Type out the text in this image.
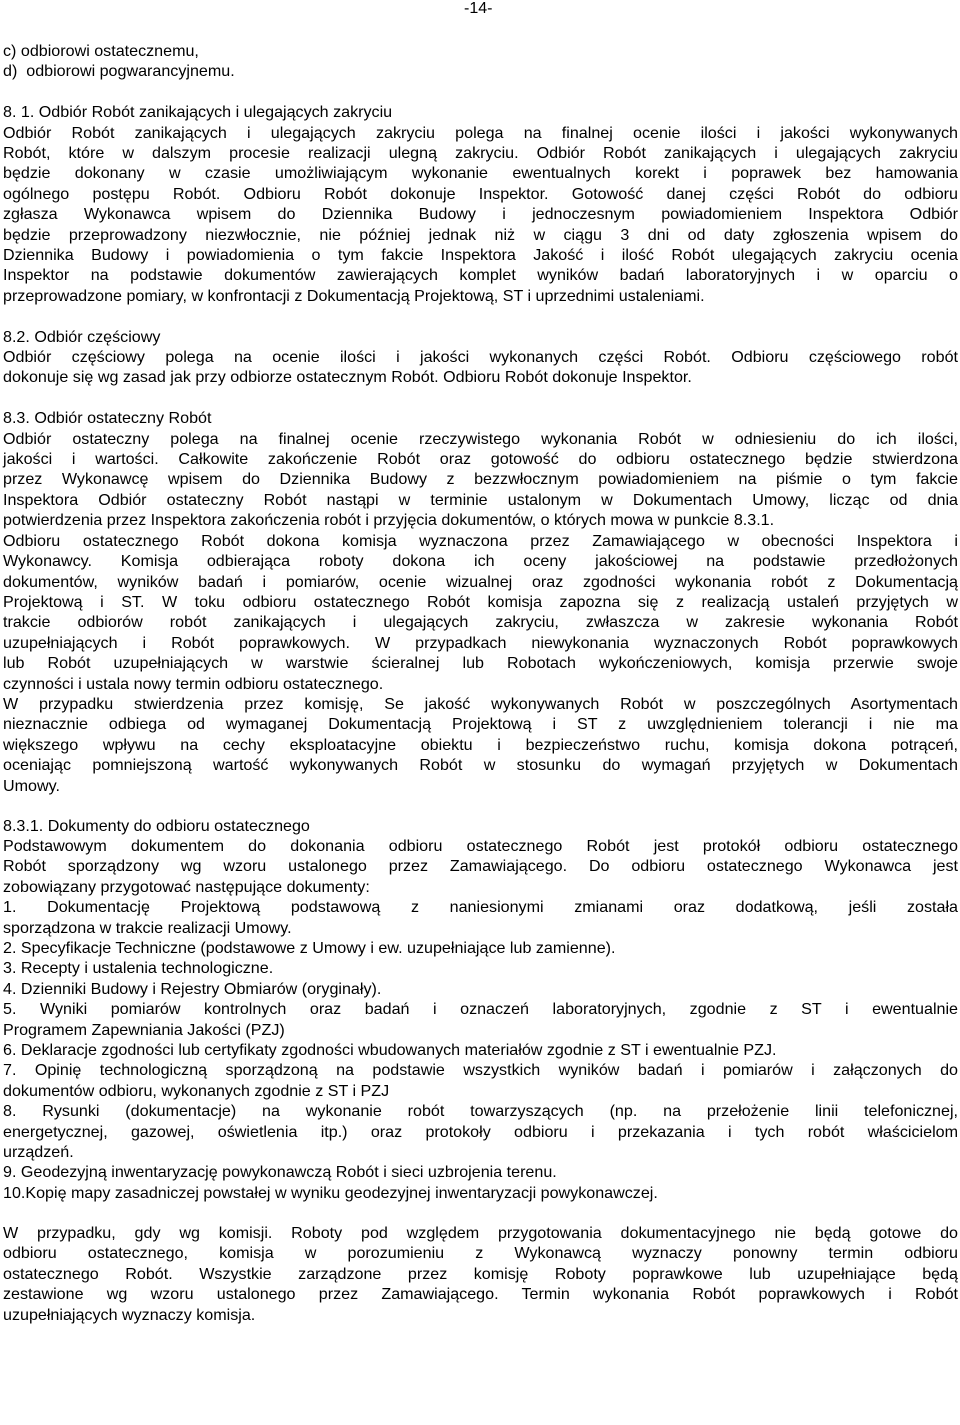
-14-
c) odbiorowi ostatecznemu,
d)  odbiorowi pogwarancyjnemu.
8. 1. Odbiór Robót zanikających i ulegających zakryciu
Odbiór Robót zanikających i ulegających zakryciu polega na finalnej ocenie ilości i jakości wykonywanych
Robót, które w dalszym procesie realizacji ulegną zakryciu. Odbiór Robót zanikających i ulegających zakryciu
będzie dokonany w czasie umożliwiającym wykonanie ewentualnych korekt i poprawek bez hamowania
ogólnego postępu Robót. Odbioru Robót dokonuje Inspektor. Gotowość danej części Robót do odbioru
zgłasza Wykonawca wpisem do Dziennika Budowy i jednoczesnym powiadomieniem Inspektora Odbiór
będzie przeprowadzony niezwłocznie, nie później jednak niż w ciągu 3 dni od daty zgłoszenia wpisem do
Dziennika Budowy i powiadomienia o tym fakcie Inspektora Jakość i ilość Robót ulegających zakryciu ocenia
Inspektor na podstawie dokumentów zawierających komplet wyników badań laboratoryjnych i w oparciu o
przeprowadzone pomiary, w konfrontacji z Dokumentacją Projektową, ST i uprzednimi ustaleniami.
8.2. Odbiór częściowy
Odbiór częściowy polega na ocenie ilości i jakości wykonanych części Robót. Odbioru częściowego robót
dokonuje się wg zasad jak przy odbiorze ostatecznym Robót. Odbioru Robót dokonuje Inspektor.
8.3. Odbiór ostateczny Robót
Odbiór ostateczny polega na finalnej ocenie rzeczywistego wykonania Robót w odniesieniu do ich ilości,
jakości i wartości. Całkowite zakończenie Robót oraz gotowość do odbioru ostatecznego będzie stwierdzona
przez Wykonawcę wpisem do Dziennika Budowy z bezzwłocznym powiadomieniem na piśmie o tym fakcie
Inspektora Odbiór ostateczny Robót nastąpi w terminie ustalonym w Dokumentach Umowy, licząc od dnia
potwierdzenia przez Inspektora zakończenia robót i przyjęcia dokumentów, o których mowa w punkcie 8.3.1.
Odbioru ostatecznego Robót dokona komisja wyznaczona przez Zamawiającego w obecności Inspektora i
Wykonawcy. Komisja odbierająca roboty dokona ich oceny jakościowej na podstawie przedłożonych
dokumentów, wyników badań i pomiarów, ocenie wizualnej oraz zgodności wykonania robót z Dokumentacją
Projektową i ST. W toku odbioru ostatecznego Robót komisja zapozna się z realizacją ustaleń przyjętych w
trakcie odbiorów robót zanikających i ulegających zakryciu, zwłaszcza w zakresie wykonania Robót
uzupełniających i Robót poprawkowych. W przypadkach niewykonania wyznaczonych Robót poprawkowych
lub Robót uzupełniających w warstwie ścieralnej lub Robotach wykończeniowych, komisja przerwie swoje
czynności i ustala nowy termin odbioru ostatecznego.
W przypadku stwierdzenia przez komisję, Se jakość wykonywanych Robót w poszczególnych Asortymentach
nieznacznie odbiega od wymaganej Dokumentacją Projektową i ST z uwzględnieniem tolerancji i nie ma
większego wpływu na cechy eksploatacyjne obiektu i bezpieczeństwo ruchu, komisja dokona potrąceń,
oceniając pomniejszoną wartość wykonywanych Robót w stosunku do wymagań przyjętych w Dokumentach
Umowy.
8.3.1. Dokumenty do odbioru ostatecznego
Podstawowym dokumentem do dokonania odbioru ostatecznego Robót jest protokół odbioru ostatecznego
Robót sporządzony wg wzoru ustalonego przez Zamawiającego. Do odbioru ostatecznego Wykonawca jest
zobowiązany przygotować następujące dokumenty:
1. Dokumentację Projektową podstawową z naniesionymi zmianami oraz dodatkową, jeśli została
sporządzona w trakcie realizacji Umowy.
2. Specyfikacje Techniczne (podstawowe z Umowy i ew. uzupełniające lub zamienne).
3. Recepty i ustalenia technologiczne.
4. Dzienniki Budowy i Rejestry Obmiarów (oryginały).
5. Wyniki pomiarów kontrolnych oraz badań i oznaczeń laboratoryjnych, zgodnie z ST i ewentualnie
Programem Zapewniania Jakości (PZJ)
6. Deklaracje zgodności lub certyfikaty zgodności wbudowanych materiałów zgodnie z ST i ewentualnie PZJ.
7. Opinię technologiczną sporządzoną na podstawie wszystkich wyników badań i pomiarów i załączonych do
dokumentów odbioru, wykonanych zgodnie z ST i PZJ
8. Rysunki (dokumentacje) na wykonanie robót towarzyszących (np. na przełożenie linii telefonicznej,
energetycznej, gazowej, oświetlenia itp.) oraz protokoły odbioru i przekazania i tych robót właścicielom
urządzeń.
9. Geodezyjną inwentaryzację powykonawczą Robót i sieci uzbrojenia terenu.
10.Kopię mapy zasadniczej powstałej w wyniku geodezyjnej inwentaryzacji powykonawczej.
W przypadku, gdy wg komisji. Roboty pod względem przygotowania dokumentacyjnego nie będą gotowe do
odbioru ostatecznego, komisja w porozumieniu z Wykonawcą wyznaczy ponowny termin odbioru
ostatecznego Robót. Wszystkie zarządzone przez komisję Roboty poprawkowe lub uzupełniające będą
zestawione wg wzoru ustalonego przez Zamawiającego. Termin wykonania Robót poprawkowych i Robót
uzupełniających wyznaczy komisja.
